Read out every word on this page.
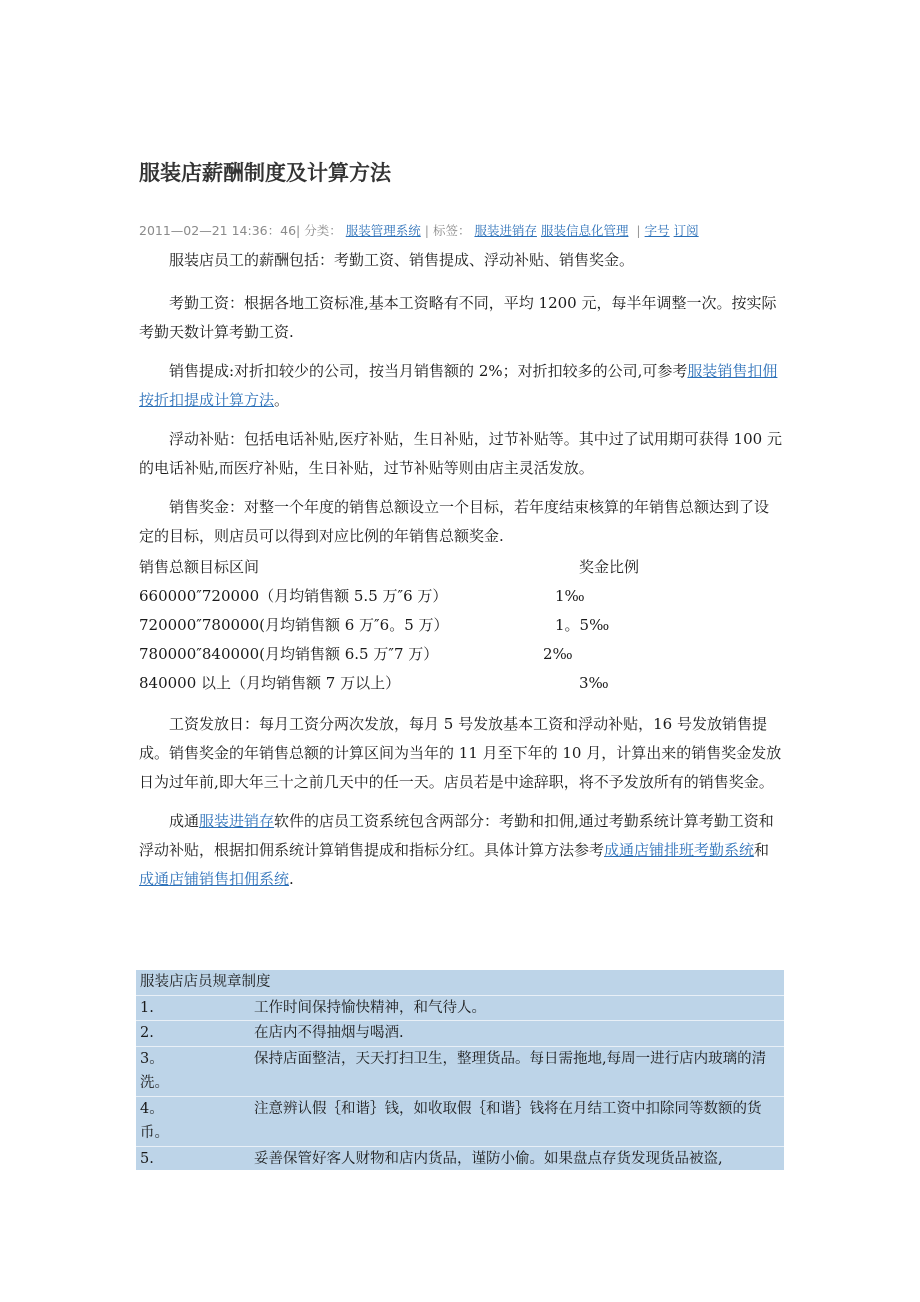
服装店薪酬制度及计算方法
2011—02—21 14:36：46| 分类： 服装管理系统 | 标签： 服装进销存 服装信息化管理 | 字号 订阅

服装店员工的薪酬包括：考勤工资、销售提成、浮动补贴、销售奖金。

考勤工资：根据各地工资标准,基本工资略有不同，平均 1200 元，每半年调整一次。按实际考勤天数计算考勤工资.

销售提成:对折扣较少的公司，按当月销售额的 2%；对折扣较多的公司,可参考服装销售扣佣按折扣提成计算方法。

浮动补贴：包括电话补贴,医疗补贴，生日补贴，过节补贴等。其中过了试用期可获得 100 元的电话补贴,而医疗补贴，生日补贴，过节补贴等则由店主灵活发放。

销售奖金：对整一个年度的销售总额设立一个目标，若年度结束核算的年销售总额达到了设定的目标，则店员可以得到对应比例的年销售总额奖金.

销售总额目标区间	奖金比例
660000″720000（月均销售额 5.5 万″6 万）	1‰
720000″780000(月均销售额 6 万″6。5 万）	1。5‰
780000″840000(月均销售额 6.5 万″7 万）	2‰
840000 以上（月均销售额 7 万以上）	3‰

工资发放日：每月工资分两次发放，每月 5 号发放基本工资和浮动补贴，16 号发放销售提成。销售奖金的年销售总额的计算区间为当年的 11 月至下年的 10 月，计算出来的销售奖金发放日为过年前,即大年三十之前几天中的任一天。店员若是中途辞职，将不予发放所有的销售奖金。

成通服装进销存软件的店员工资系统包含两部分：考勤和扣佣,通过考勤系统计算考勤工资和浮动补贴，根据扣佣系统计算销售提成和指标分红。具体计算方法参考成通店铺排班考勤系统和成通店铺销售扣佣系统.

服装店店员规章制度
1.	工作时间保持愉快精神，和气待人。
2.	在店内不得抽烟与喝酒.
3。	保持店面整洁，天天打扫卫生，整理货品。每日需拖地,每周一进行店内玻璃的清洗。
4。	注意辨认假｛和谐｝钱，如收取假｛和谐｝钱将在月结工资中扣除同等数额的货币。
5.	妥善保管好客人财物和店内货品，谨防小偷。如果盘点存货发现货品被盗,
